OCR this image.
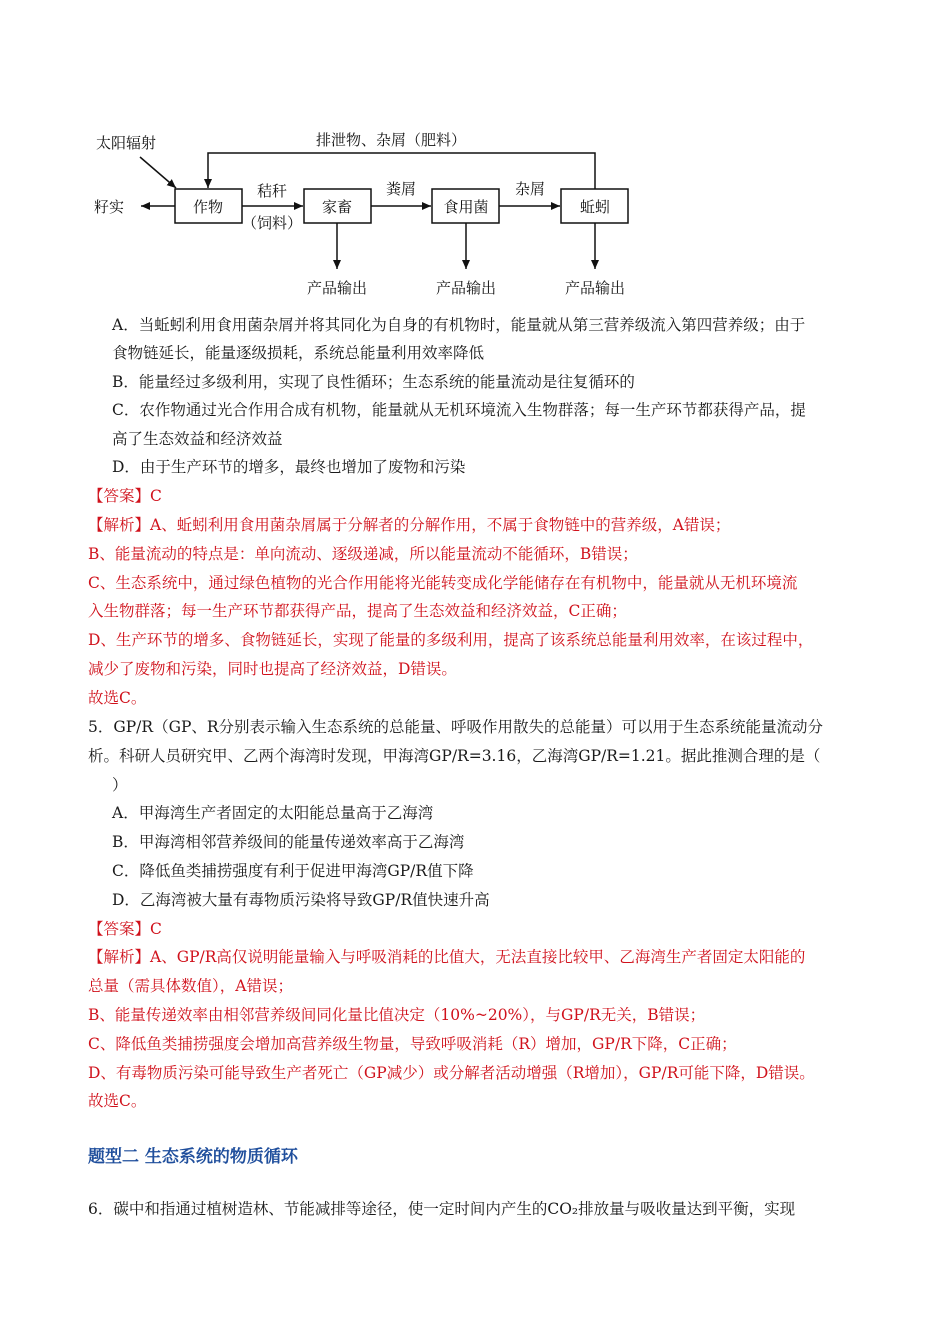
作物	家畜	食用菌	蚯蚓
太阳辐射
籽实
排泄物、杂屑（肥料）
秸秆
（饲料）
粪屑	杂屑
产品输出	产品输出	产品输出
A．当蚯蚓利用食用菌杂屑并将其同化为自身的有机物时，能量就从第三营养级流入第四营养级；由于
食物链延长，能量逐级损耗，系统总能量利用效率降低
B．能量经过多级利用，实现了良性循环；生态系统的能量流动是往复循环的
C．农作物通过光合作用合成有机物，能量就从无机环境流入生物群落；每一生产环节都获得产品，提
高了生态效益和经济效益
D．由于生产环节的增多，最终也增加了废物和污染
【答案】C
【解析】A、蚯蚓利用食用菌杂屑属于分解者的分解作用，不属于食物链中的营养级，A错误；
B、能量流动的特点是：单向流动、逐级递减，所以能量流动不能循环，B错误；
C、生态系统中，通过绿色植物的光合作用能将光能转变成化学能储存在有机物中，能量就从无机环境流
入生物群落；每一生产环节都获得产品，提高了生态效益和经济效益，C正确；
D、生产环节的增多、食物链延长，实现了能量的多级利用，提高了该系统总能量利用效率，在该过程中，
减少了废物和污染，同时也提高了经济效益，D错误。
故选C。
5．GP/R（GP、R分别表示输入生态系统的总能量、呼吸作用散失的总能量）可以用于生态系统能量流动分
析。科研人员研究甲、乙两个海湾时发现，甲海湾GP/R=3.16，乙海湾GP/R=1.21。据此推测合理的是（
）
A．甲海湾生产者固定的太阳能总量高于乙海湾
B．甲海湾相邻营养级间的能量传递效率高于乙海湾
C．降低鱼类捕捞强度有利于促进甲海湾GP/R值下降
D．乙海湾被大量有毒物质污染将导致GP/R值快速升高
【答案】C
【解析】A、GP/R高仅说明能量输入与呼吸消耗的比值大，无法直接比较甲、乙海湾生产者固定太阳能的
总量（需具体数值），A错误；
B、能量传递效率由相邻营养级间同化量比值决定（10%~20%），与GP/R无关，B错误；
C、降低鱼类捕捞强度会增加高营养级生物量，导致呼吸消耗（R）增加，GP/R下降，C正确；
D、有毒物质污染可能导致生产者死亡（GP减少）或分解者活动增强（R增加），GP/R可能下降，D错误。
故选C。
题型二 生态系统的物质循环
6．碳中和指通过植树造林、节能减排等途径，使一定时间内产生的CO₂排放量与吸收量达到平衡，实现
